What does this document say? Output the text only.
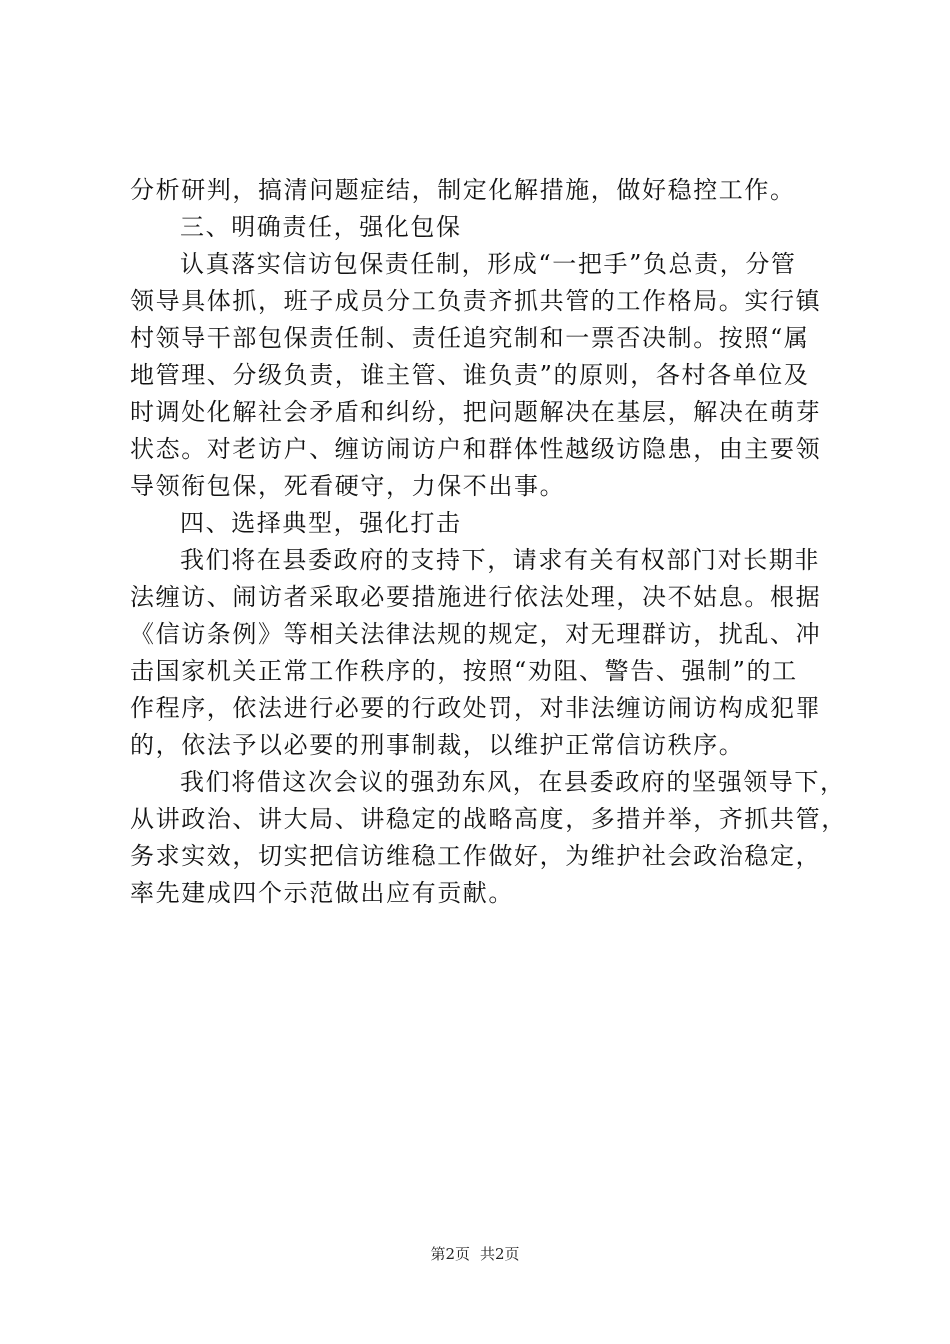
分析研判，搞清问题症结，制定化解措施，做好稳控工作。
三、明确责任，强化包保
认真落实信访包保责任制，形成“一把手”负总责，分管
领导具体抓，班子成员分工负责齐抓共管的工作格局。实行镇
村领导干部包保责任制、责任追究制和一票否决制。按照“属
地管理、分级负责，谁主管、谁负责”的原则，各村各单位及
时调处化解社会矛盾和纠纷，把问题解决在基层，解决在萌芽
状态。对老访户、缠访闹访户和群体性越级访隐患，由主要领
导领衔包保，死看硬守，力保不出事。
四、选择典型，强化打击
我们将在县委政府的支持下，请求有关有权部门对长期非
法缠访、闹访者采取必要措施进行依法处理，决不姑息。根据
《信访条例》等相关法律法规的规定，对无理群访，扰乱、冲
击国家机关正常工作秩序的，按照“劝阻、警告、强制”的工
作程序，依法进行必要的行政处罚，对非法缠访闹访构成犯罪
的，依法予以必要的刑事制裁，以维护正常信访秩序。
我们将借这次会议的强劲东风，在县委政府的坚强领导下，
从讲政治、讲大局、讲稳定的战略高度，多措并举，齐抓共管，
务求实效，切实把信访维稳工作做好，为维护社会政治稳定，
率先建成四个示范做出应有贡献。
第2页 共2页
